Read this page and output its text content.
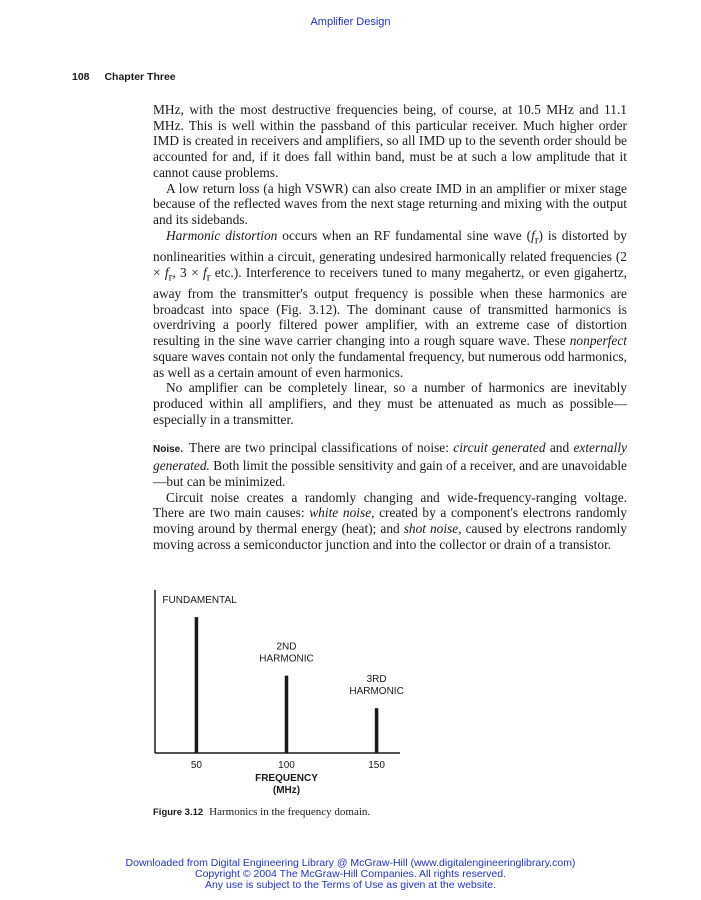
Amplifier Design
108 Chapter Three

MHz, with the most destructive frequencies being, of course, at 10.5 MHz and 11.1 MHz. This is well within the passband of this particular receiver. Much higher order IMD is created in receivers and amplifiers, so all IMD up to the seventh order should be accounted for and, if it does fall within band, must be at such a low amplitude that it cannot cause problems.

A low return loss (a high VSWR) can also create IMD in an amplifier or mixer stage because of the reflected waves from the next stage returning and mixing with the output and its sidebands.

Harmonic distortion occurs when an RF fundamental sine wave $(f_r)$ is distorted by nonlinearities within a circuit, generating undesired harmonically related frequencies ($2 \times f_r$, $3 \times f_r$ etc.). Interference to receivers tuned to many megahertz, or even gigahertz, away from the transmitter's output frequency is possible when these harmonics are broadcast into space (Fig. 3.12). The dominant cause of transmitted harmonics is overdriving a poorly filtered power amplifier, with an extreme case of distortion resulting in the sine wave carrier changing into a rough square wave. These nonperfect square waves contain not only the fundamental frequency, but numerous odd harmonics, as well as a certain amount of even harmonics.

No amplifier can be completely linear, so a number of harmonics are inevitably produced within all amplifiers, and they must be attenuated as much as possible—especially in a transmitter.

Noise. There are two principal classifications of noise: circuit generated and externally generated. Both limit the possible sensitivity and gain of a receiver, and are unavoidable—but can be minimized.

Circuit noise creates a randomly changing and wide-frequency-ranging voltage. There are two main causes: white noise, created by a component's electrons randomly moving around by thermal energy (heat); and shot noise, caused by electrons randomly moving across a semiconductor junction and into the collector or drain of a transistor.

FUNDAMENTAL
2ND
HARMONIC
3RD
HARMONIC
50	100	150
FREQUENCY
(MHz)
Figure 3.12 Harmonics in the frequency domain.
Downloaded from Digital Engineering Library @ McGraw-Hill (www.digitalengineeringlibrary.com)
Copyright © 2004 The McGraw-Hill Companies. All rights reserved.
Any use is subject to the Terms of Use as given at the website.
